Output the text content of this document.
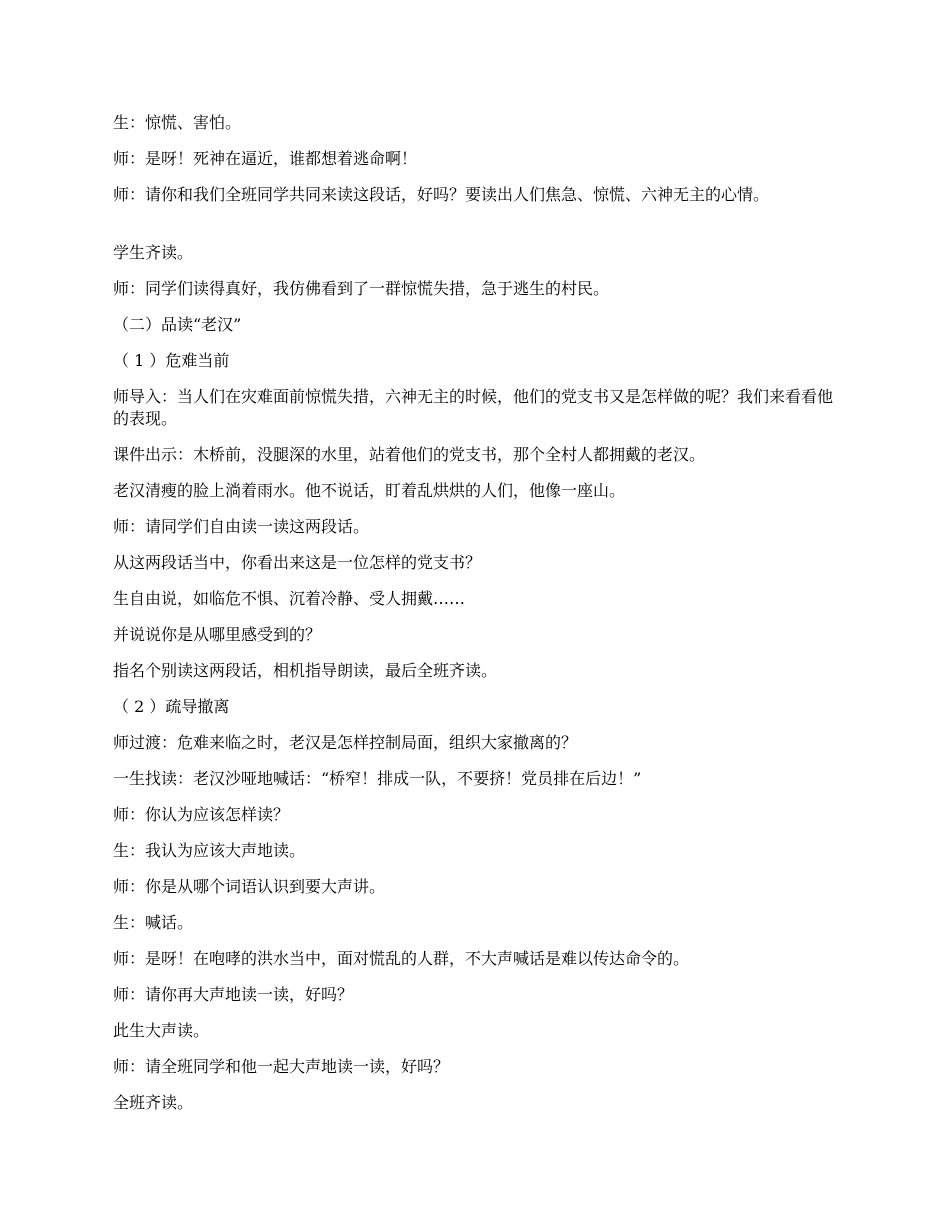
生：惊慌、害怕。

师：是呀！死神在逼近，谁都想着逃命啊！

师：请你和我们全班同学共同来读这段话，好吗？要读出人们焦急、惊慌、六神无主的心情。

学生齐读。

师：同学们读得真好，我仿佛看到了一群惊慌失措，急于逃生的村民。

（二）品读“老汉”

（ 1 ）危难当前

师导入：当人们在灾难面前惊慌失措，六神无主的时候，他们的党支书又是怎样做的呢？我们来看看他的表现。

课件出示：木桥前，没腿深的水里，站着他们的党支书，那个全村人都拥戴的老汉。

老汉清瘦的脸上淌着雨水。他不说话，盯着乱烘烘的人们，他像一座山。

师：请同学们自由读一读这两段话。

从这两段话当中，你看出来这是一位怎样的党支书？

生自由说，如临危不惧、沉着冷静、受人拥戴……

并说说你是从哪里感受到的？

指名个别读这两段话，相机指导朗读，最后全班齐读。

（ 2 ）疏导撤离

师过渡：危难来临之时，老汉是怎样控制局面，组织大家撤离的？

一生找读：老汉沙哑地喊话：“桥窄！排成一队，不要挤！党员排在后边！”

师：你认为应该怎样读？

生：我认为应该大声地读。

师：你是从哪个词语认识到要大声讲。

生：喊话。

师：是呀！在咆哮的洪水当中，面对慌乱的人群，不大声喊话是难以传达命令的。

师：请你再大声地读一读，好吗？

此生大声读。

师：请全班同学和他一起大声地读一读，好吗？

全班齐读。
